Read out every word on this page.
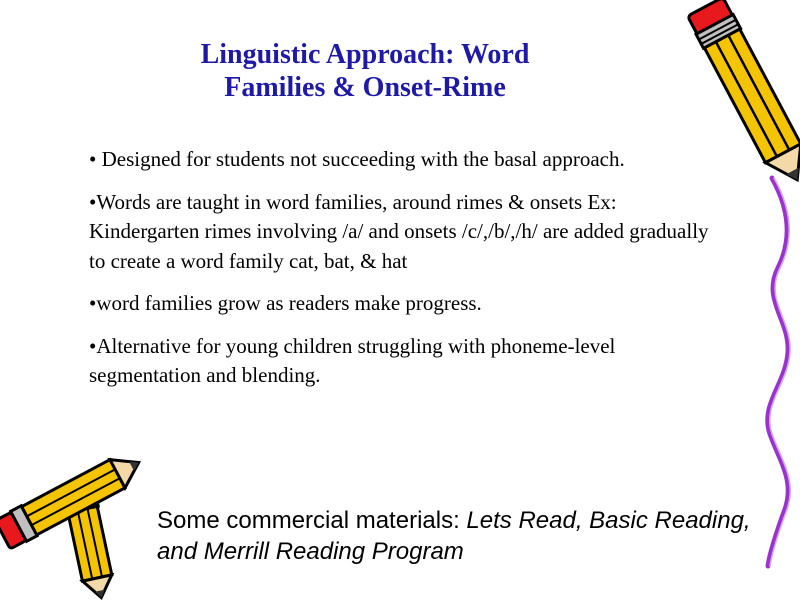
Linguistic Approach: Word
Families & Onset-Rime
• Designed for students not succeeding with the basal approach.
•Words are taught in word families, around rimes & onsets Ex: Kindergarten rimes involving /a/ and onsets /c/,/b/,/h/ are added gradually to create a word family cat, bat, & hat
•word families grow as readers make progress.
•Alternative for young children struggling with phoneme-level segmentation and blending.
Some commercial materials: Lets Read, Basic Reading, and Merrill Reading Program
